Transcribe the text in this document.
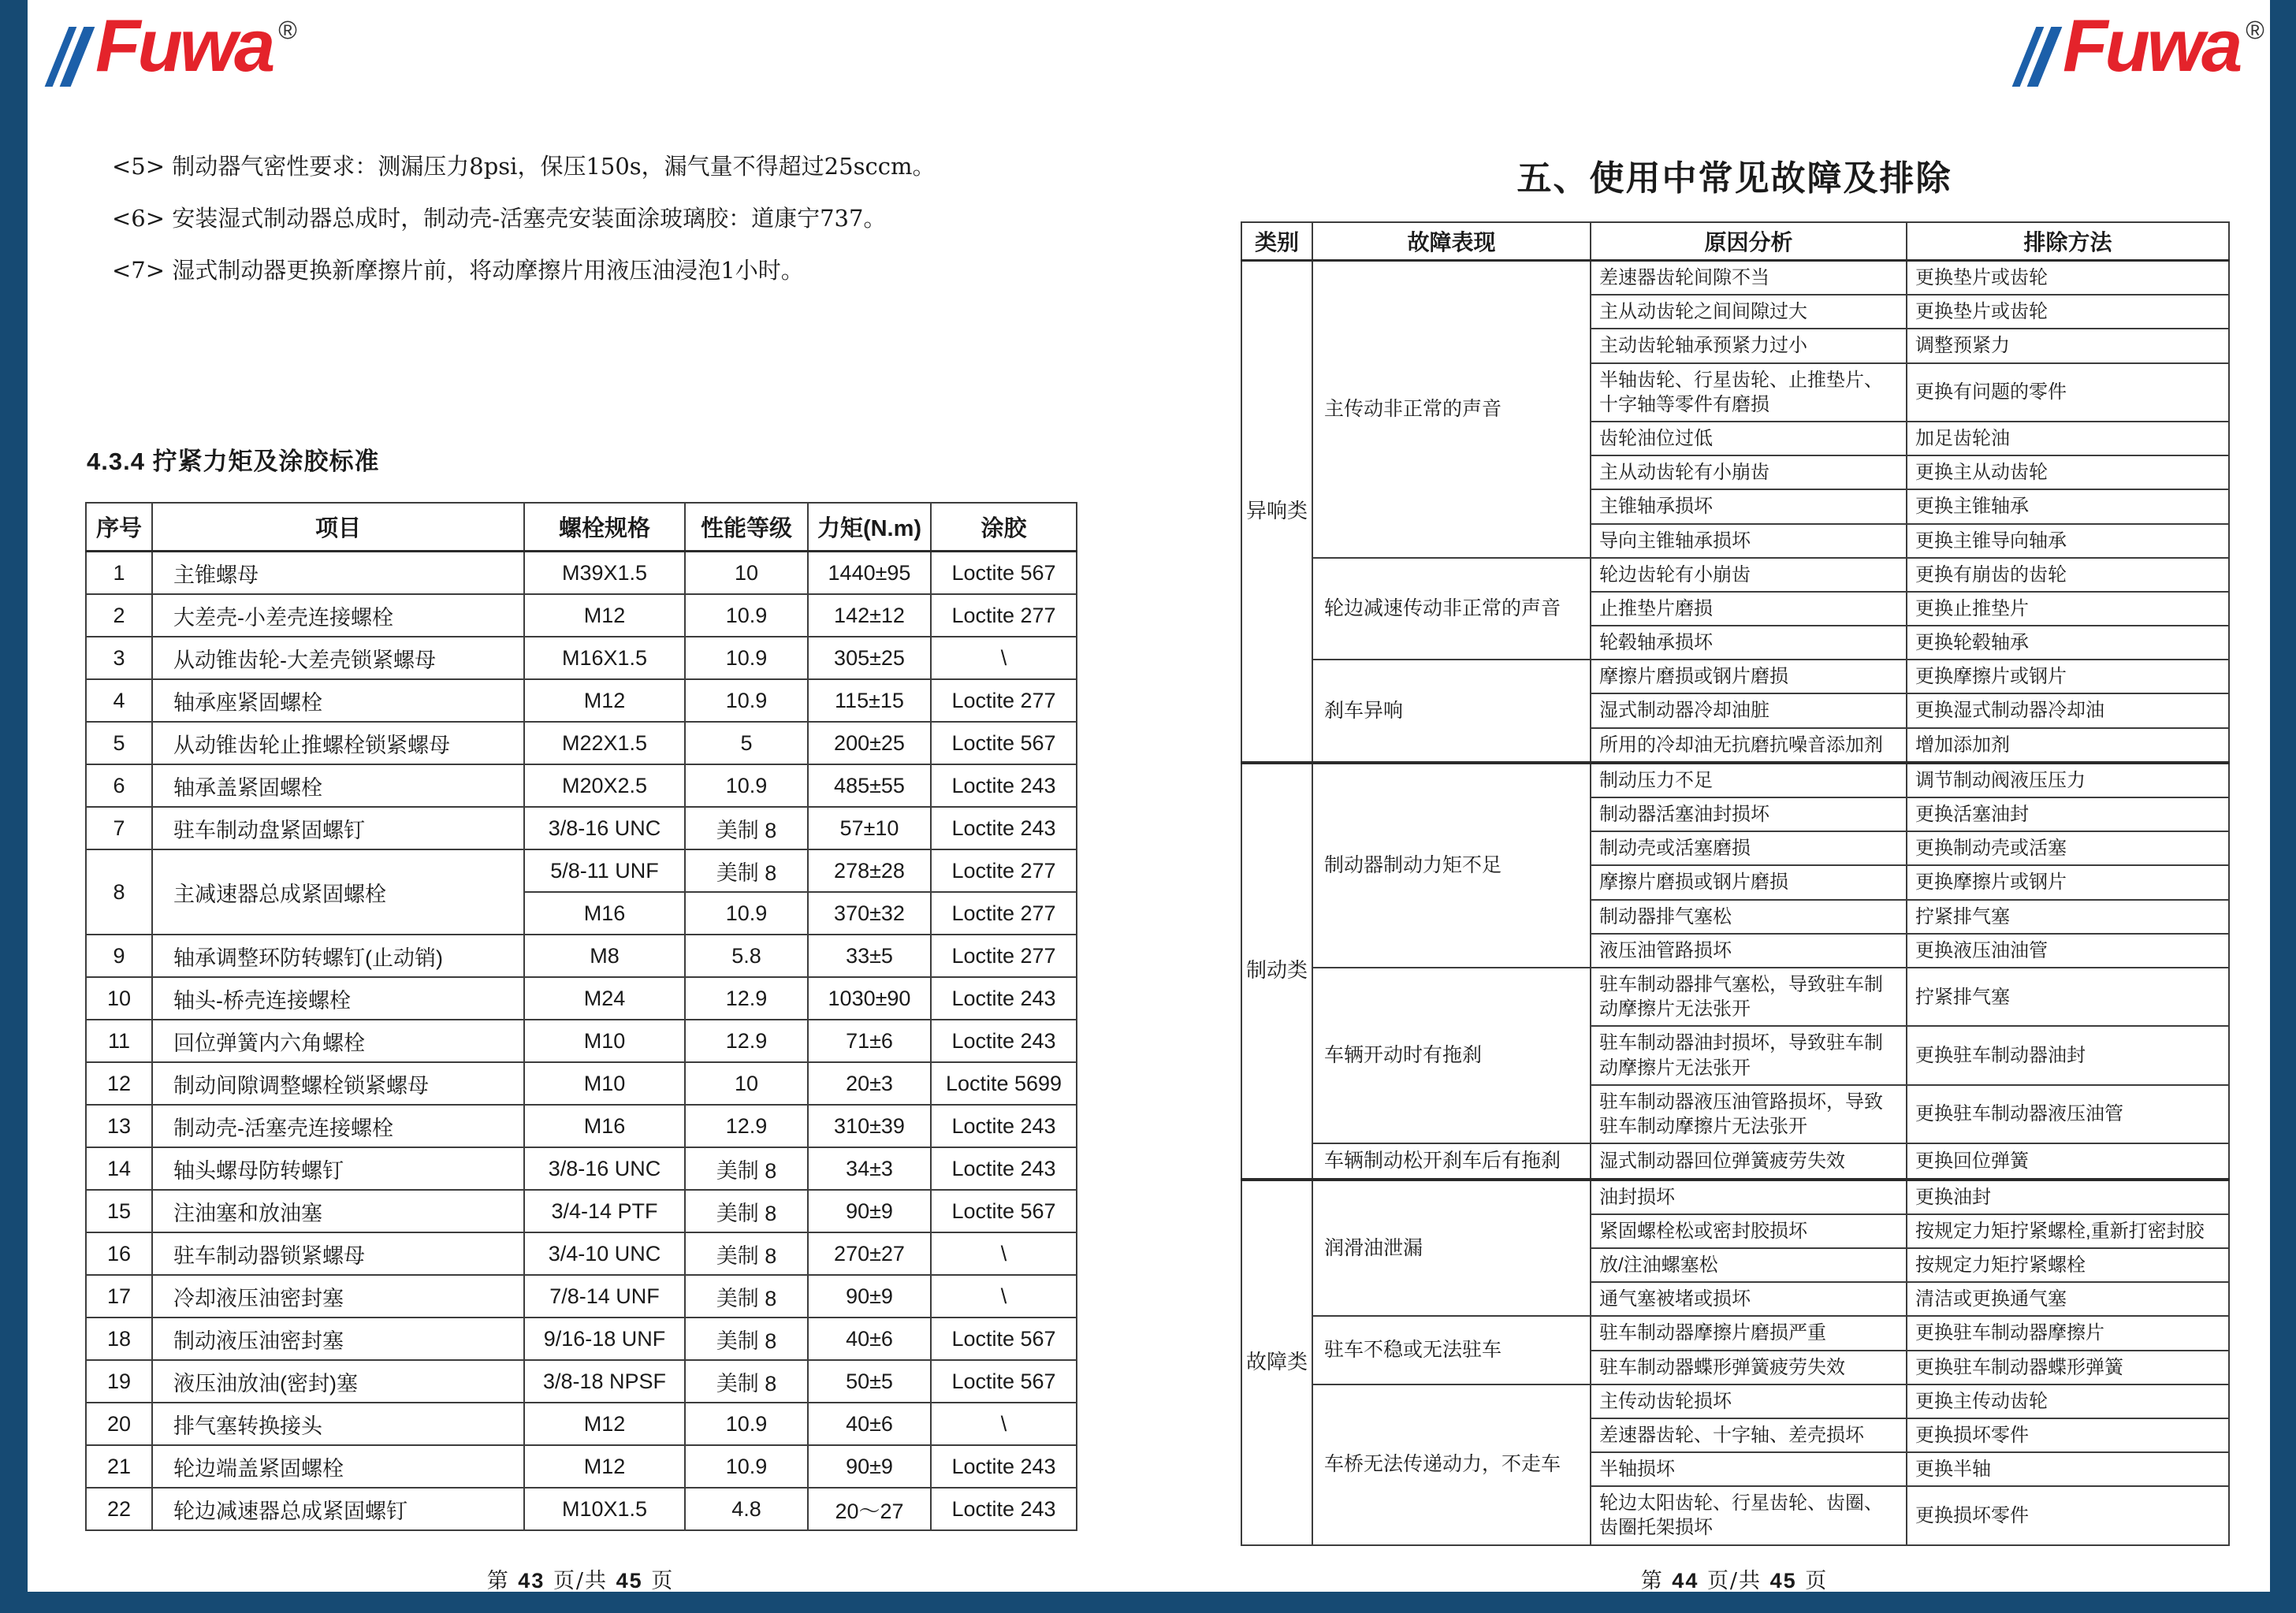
Fuwa ®	Fuwa ®

<5> 制动器气密性要求：测漏压力8psi，保压150s，漏气量不得超过25sccm。

<6> 安装湿式制动器总成时，制动壳-活塞壳安装面涂玻璃胶：道康宁737。

<7> 湿式制动器更换新摩擦片前，将动摩擦片用液压油浸泡1小时。

4.3.4 拧紧力矩及涂胶标准
序号	项目	螺栓规格	性能等级	力矩(N.m)	涂胶
1	主锥螺母	M39X1.5	10	1440±95	Loctite 567
2	大差壳-小差壳连接螺栓	M12	10.9	142±12	Loctite 277
3	从动锥齿轮-大差壳锁紧螺母	M16X1.5	10.9	305±25	\
4	轴承座紧固螺栓	M12	10.9	115±15	Loctite 277
5	从动锥齿轮止推螺栓锁紧螺母	M22X1.5	5	200±25	Loctite 567
6	轴承盖紧固螺栓	M20X2.5	10.9	485±55	Loctite 243
7	驻车制动盘紧固螺钉	3/8-16 UNC	美制 8	57±10	Loctite 243
8	主减速器总成紧固螺栓	5/8-11 UNF	美制 8	278±28	Loctite 277
		M16	10.9	370±32	Loctite 277
9	轴承调整环防转螺钉(止动销)	M8	5.8	33±5	Loctite 277
10	轴头-桥壳连接螺栓	M24	12.9	1030±90	Loctite 243
11	回位弹簧内六角螺栓	M10	12.9	71±6	Loctite 243
12	制动间隙调整螺栓锁紧螺母	M10	10	20±3	Loctite 5699
13	制动壳-活塞壳连接螺栓	M16	12.9	310±39	Loctite 243
14	轴头螺母防转螺钉	3/8-16 UNC	美制 8	34±3	Loctite 243
15	注油塞和放油塞	3/4-14 PTF	美制 8	90±9	Loctite 567
16	驻车制动器锁紧螺母	3/4-10 UNC	美制 8	270±27	\
17	冷却液压油密封塞	7/8-14 UNF	美制 8	90±9	\
18	制动液压油密封塞	9/16-18 UNF	美制 8	40±6	Loctite 567
19	液压油放油(密封)塞	3/8-18 NPSF	美制 8	50±5	Loctite 567
20	排气塞转换接头	M12	10.9	40±6	\
21	轮边端盖紧固螺栓	M12	10.9	90±9	Loctite 243
22	轮边减速器总成紧固螺钉	M10X1.5	4.8	20～27	Loctite 243
五、使用中常见故障及排除
类别	故障表现	原因分析	排除方法
异响类	主传动非正常的声音	差速器齿轮间隙不当	更换垫片或齿轮
		主从动齿轮之间间隙过大	更换垫片或齿轮
		主动齿轮轴承预紧力过小	调整预紧力
		半轴齿轮、行星齿轮、止推垫片、十字轴等零件有磨损	更换有问题的零件
		齿轮油位过低	加足齿轮油
		主从动齿轮有小崩齿	更换主从动齿轮
		主锥轴承损坏	更换主锥轴承
		导向主锥轴承损坏	更换主锥导向轴承
	轮边减速传动非正常的声音	轮边齿轮有小崩齿	更换有崩齿的齿轮
		止推垫片磨损	更换止推垫片
		轮毂轴承损坏	更换轮毂轴承
	刹车异响	摩擦片磨损或钢片磨损	更换摩擦片或钢片
		湿式制动器冷却油脏	更换湿式制动器冷却油
		所用的冷却油无抗磨抗噪音添加剂	增加添加剂
制动类	制动器制动力矩不足	制动压力不足	调节制动阀液压压力
		制动器活塞油封损坏	更换活塞油封
		制动壳或活塞磨损	更换制动壳或活塞
		摩擦片磨损或钢片磨损	更换摩擦片或钢片
		制动器排气塞松	拧紧排气塞
		液压油管路损坏	更换液压油油管
	车辆开动时有拖刹	驻车制动器排气塞松，导致驻车制动摩擦片无法张开	拧紧排气塞
		驻车制动器油封损坏，导致驻车制动摩擦片无法张开	更换驻车制动器油封
		驻车制动器液压油管路损坏，导致驻车制动摩擦片无法张开	更换驻车制动器液压油管
	车辆制动松开刹车后有拖刹	湿式制动器回位弹簧疲劳失效	更换回位弹簧
故障类	润滑油泄漏	油封损坏	更换油封
		紧固螺栓松或密封胶损坏	按规定力矩拧紧螺栓,重新打密封胶
		放/注油螺塞松	按规定力矩拧紧螺栓
		通气塞被堵或损坏	清洁或更换通气塞
	驻车不稳或无法驻车	驻车制动器摩擦片磨损严重	更换驻车制动器摩擦片
		驻车制动器蝶形弹簧疲劳失效	更换驻车制动器蝶形弹簧
	车桥无法传递动力，不走车	主传动齿轮损坏	更换主传动齿轮
		差速器齿轮、十字轴、差壳损坏	更换损坏零件
		半轴损坏	更换半轴
		轮边太阳齿轮、行星齿轮、齿圈、齿圈托架损坏	更换损坏零件
第 43 页/共 45 页	第 44 页/共 45 页
